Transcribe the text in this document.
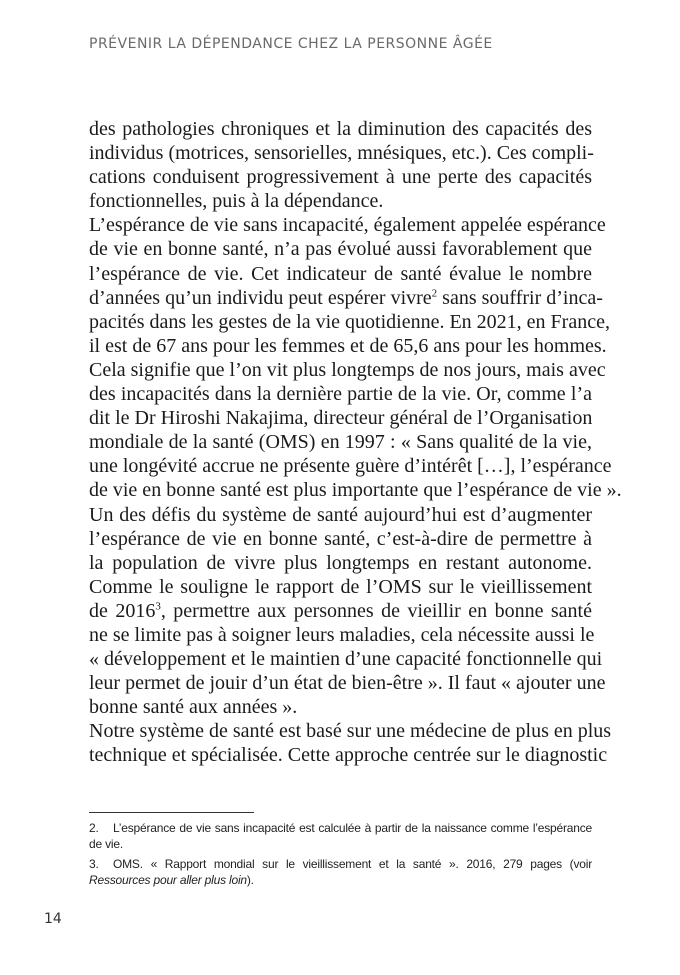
PRÉVENIR LA DÉPENDANCE CHEZ LA PERSONNE ÂGÉE
des pathologies chroniques et la diminution des capacités des
individus (motrices, sensorielles, mnésiques, etc.). Ces compli-
cations conduisent progressivement à une perte des capacités
fonctionnelles, puis à la dépendance.
L’espérance de vie sans incapacité, également appelée espérance
de vie en bonne santé, n’a pas évolué aussi favorablement que
l’espérance de vie. Cet indicateur de santé évalue le nombre
d’années qu’un individu peut espérer vivre$^2$ sans souffrir d’inca-
pacités dans les gestes de la vie quotidienne. En 2021, en France,
il est de 67 ans pour les femmes et de 65,6 ans pour les hommes.
Cela signifie que l’on vit plus longtemps de nos jours, mais avec
des incapacités dans la dernière partie de la vie. Or, comme l’a
dit le Dr Hiroshi Nakajima, directeur général de l’Organisation
mondiale de la santé (OMS) en 1997 : « Sans qualité de la vie,
une longévité accrue ne présente guère d’intérêt […], l’espérance
de vie en bonne santé est plus importante que l’espérance de vie ».
Un des défis du système de santé aujourd’hui est d’augmenter
l’espérance de vie en bonne santé, c’est-à-dire de permettre à
la population de vivre plus longtemps en restant autonome.
Comme le souligne le rapport de l’OMS sur le vieillissement
de 2016$^3$, permettre aux personnes de vieillir en bonne santé
ne se limite pas à soigner leurs maladies, cela nécessite aussi le
« développement et le maintien d’une capacité fonctionnelle qui
leur permet de jouir d’un état de bien-être ». Il faut « ajouter une
bonne santé aux années ».
Notre système de santé est basé sur une médecine de plus en plus
technique et spécialisée. Cette approche centrée sur le diagnostic

2. L’espérance de vie sans incapacité est calculée à partir de la naissance comme l’espérance de vie.

3. OMS. « Rapport mondial sur le vieillissement et la santé ». 2016, 279 pages (voir Ressources pour aller plus loin).

14
